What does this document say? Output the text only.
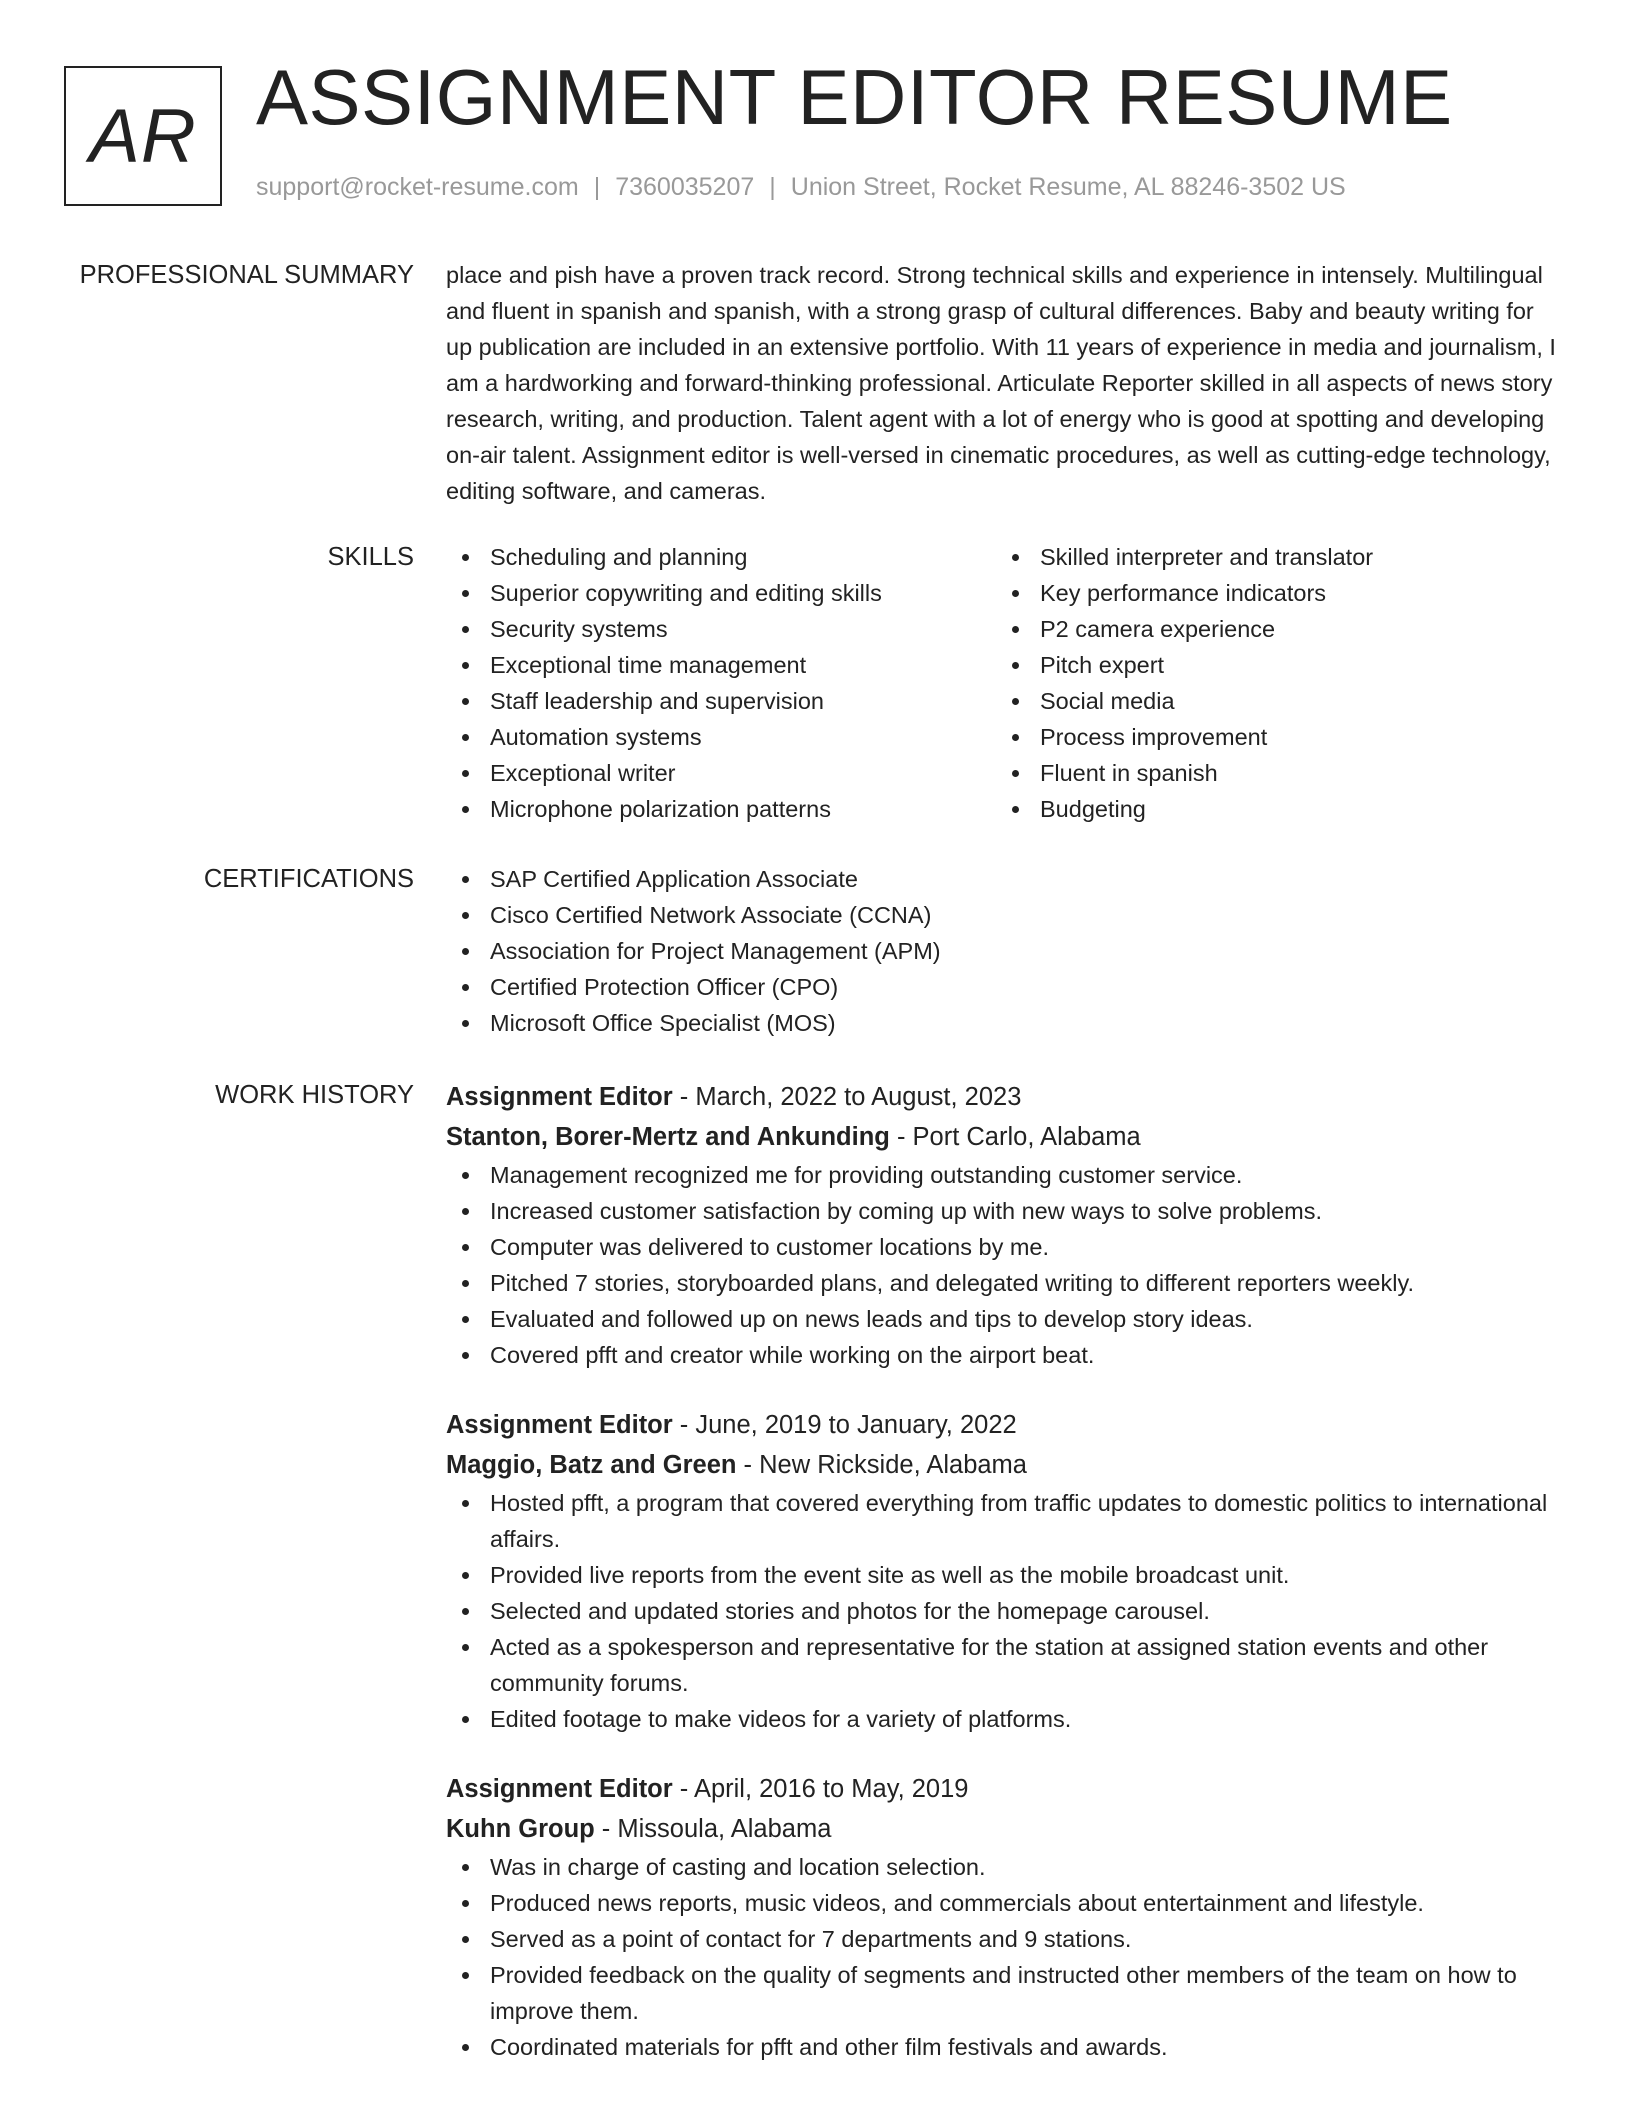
AR ASSIGNMENT EDITOR RESUME
support@rocket-resume.com | 7360035207 | Union Street, Rocket Resume, AL 88246-3502 US
PROFESSIONAL SUMMARY place and pish have a proven track record. Strong technical skills and experience in intensely. Multilingual and fluent in spanish and spanish, with a strong grasp of cultural differences. Baby and beauty writing for up publication are included in an extensive portfolio. With 11 years of experience in media and journalism, I am a hardworking and forward-thinking professional. Articulate Reporter skilled in all aspects of news story research, writing, and production. Talent agent with a lot of energy who is good at spotting and developing on-air talent. Assignment editor is well-versed in cinematic procedures, as well as cutting-edge technology, editing software, and cameras.

SKILLS	Scheduling and planning
Superior copywriting and editing skills
Security systems
Exceptional time management
Staff leadership and supervision
Automation systems
Exceptional writer
Microphone polarization patterns
Skilled interpreter and translator
Key performance indicators
P2 camera experience
Pitch expert
Social media
Process improvement
Fluent in spanish
Budgeting
CERTIFICATIONS	SAP Certified Application Associate
Cisco Certified Network Associate (CCNA)
Association for Project Management (APM)
Certified Protection Officer (CPO)
Microsoft Office Specialist (MOS)
WORK HISTORY Assignment Editor - March, 2022 to August, 2023
Stanton, Borer-Mertz and Ankunding - Port Carlo, Alabama
Management recognized me for providing outstanding customer service.
Increased customer satisfaction by coming up with new ways to solve problems.
Computer was delivered to customer locations by me.
Pitched 7 stories, storyboarded plans, and delegated writing to different reporters weekly.
Evaluated and followed up on news leads and tips to develop story ideas.
Covered pfft and creator while working on the airport beat.
Assignment Editor - June, 2019 to January, 2022
Maggio, Batz and Green - New Rickside, Alabama
Hosted pfft, a program that covered everything from traffic updates to domestic politics to international affairs.
Provided live reports from the event site as well as the mobile broadcast unit.
Selected and updated stories and photos for the homepage carousel.
Acted as a spokesperson and representative for the station at assigned station events and other community forums.
Edited footage to make videos for a variety of platforms.
Assignment Editor - April, 2016 to May, 2019
Kuhn Group - Missoula, Alabama
Was in charge of casting and location selection.
Produced news reports, music videos, and commercials about entertainment and lifestyle.
Served as a point of contact for 7 departments and 9 stations.
Provided feedback on the quality of segments and instructed other members of the team on how to improve them.
Coordinated materials for pfft and other film festivals and awards.
